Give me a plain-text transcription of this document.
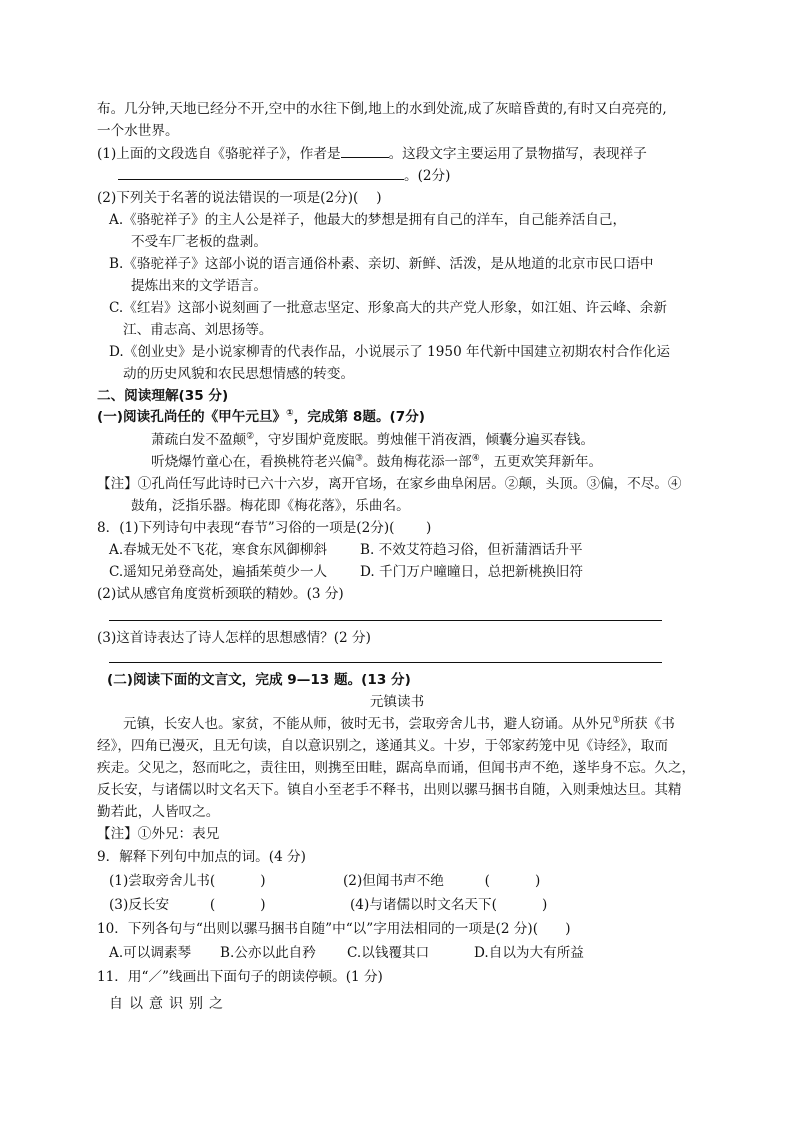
布。几分钟,天地已经分不开,空中的水往下倒,地上的水到处流,成了灰暗昏黄的,有时又白亮亮的,
一个水世界。
(1)上面的文段选自《骆驼祥子》，作者是	。这段文字主要运用了景物描写，表现祥子
。(2分)
(2)下列关于名著的说法错误的一项是(2分)(　 )
A.《骆驼祥子》的主人公是祥子，他最大的梦想是拥有自己的洋车，自己能养活自己，
不受车厂老板的盘剥。
B.《骆驼祥子》这部小说的语言通俗朴素、亲切、新鲜、活泼，是从地道的北京市民口语中
提炼出来的文学语言。
C.《红岩》这部小说刻画了一批意志坚定、形象高大的共产党人形象，如江姐、许云峰、余新
江、甫志高、刘思扬等。
D.《创业史》是小说家柳青的代表作品，小说展示了 1950 年代新中国建立初期农村合作化运
动的历史风貌和农民思想情感的转变。
二、阅读理解(35 分)
(一)阅读孔尚任的《甲午元旦》①，完成第 8题。(7分)
萧疏白发不盈颠②，守岁围炉竟废眠。剪烛催干消夜酒，倾囊分遍买春钱。
听烧爆竹童心在，看换桃符老兴偏③。鼓角梅花添一部④，五更欢笑拜新年。
【注】①孔尚任写此诗时已六十六岁，离开官场，在家乡曲阜闲居。②颠，头顶。③偏，不尽。④
鼓角，泛指乐器。梅花即《梅花落》，乐曲名。
8．(1)下列诗句中表现“春节”习俗的一项是(2分)(　　 )
A.春城无处不飞花，寒食东风御柳斜 B. 不效艾符趋习俗，但祈蒲酒话升平
C.遥知兄弟登高处，遍插茱萸少一人 D. 千门万户曈曈日，总把新桃换旧符
(2)试从感官角度赏析颈联的精妙。(3 分)
(3)这首诗表达了诗人怎样的思想感情？(2 分)
(二)阅读下面的文言文，完成 9—13 题。(13 分)
元镇读书
元镇，长安人也。家贫，不能从师，彼时无书，尝取旁舍儿书，避人窃诵。从外兄①所获《书
经》，四角已漫灭，且无句读，自以意识别之，遂通其义。十岁，于邻家药笼中见《诗经》，取而
疾走。父见之，怒而叱之，责往田，则携至田畦，踞高阜而诵，但闻书声不绝，遂毕身不忘。久之，
反长安，与诸儒以时文名天下。镇自小至老手不释书，出则以骡马捆书自随，入则秉烛达旦。其精
勤若此，人皆叹之。
【注】①外兄：表兄
9．解释下列句中加点的词。(4 分)
(1)尝取旁舍儿书(　　　 )	(2)但闻书声不绝　　　(　　　 )
(3)反长安　　　(　　　 )	(4)与诸儒以时文名天下(　　　 )
10．下列各句与“出则以骡马捆书自随”中“以”字用法相同的一项是(2 分)(　　)
A.可以调素琴 B.公亦以此自矜 C.以钱覆其口	D.自以为大有所益
11．用“／”线画出下面句子的朗读停顿。(1 分)
自以意识别之
